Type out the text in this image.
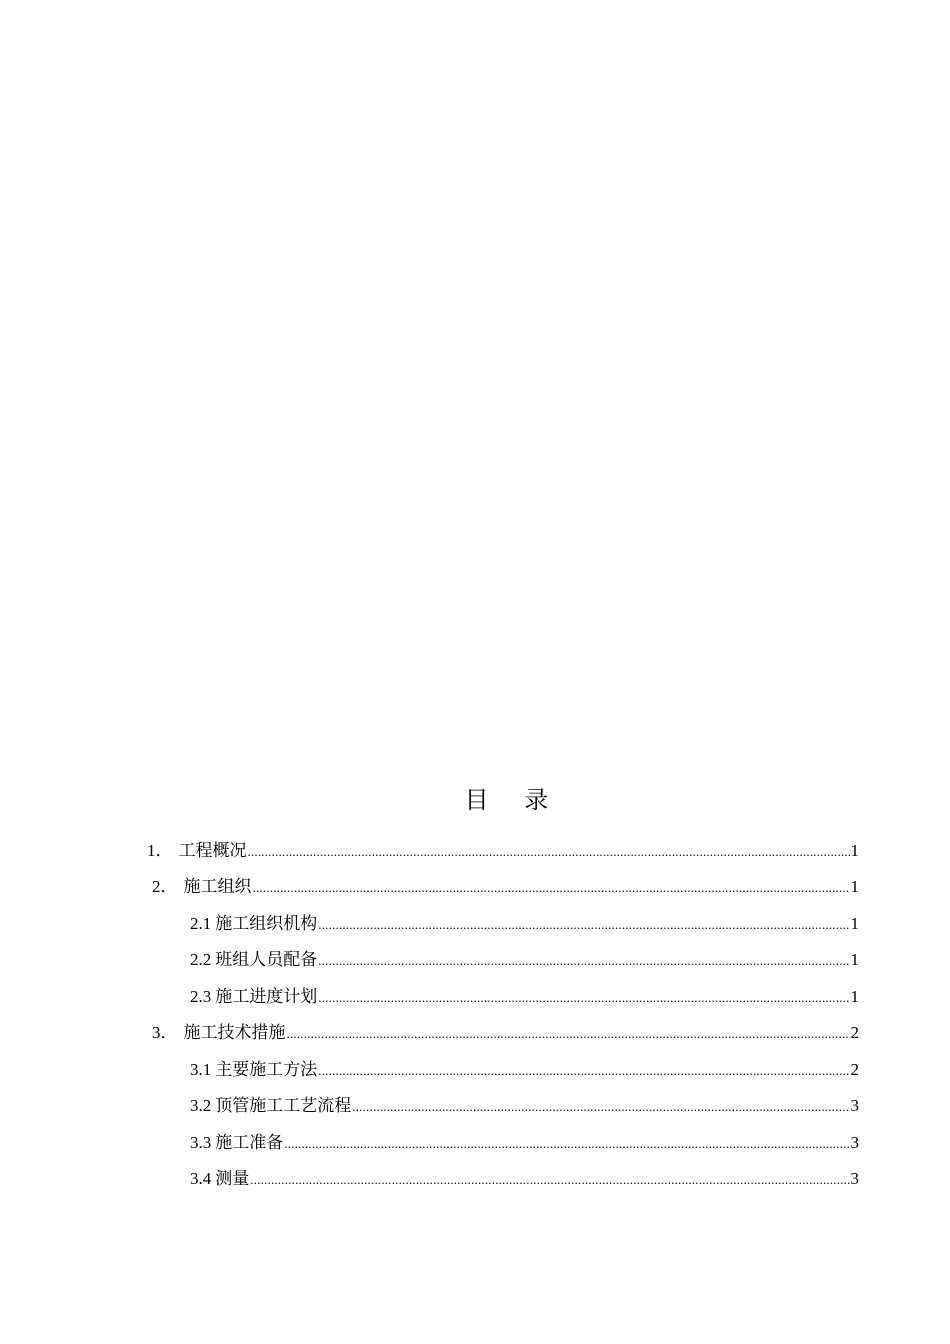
目 录
1． 工程概况 .....	1
2． 施工组织 .....	1
2.1 施工组织机构 .....	1
2.2 班组人员配备 .....	1
2.3 施工进度计划 .....	1
3． 施工技术措施 .....	2
3.1 主要施工方法 .....	2
3.2 顶管施工工艺流程 .....	3
3.3 施工准备 .....	3
3.4 测量 .....	3
